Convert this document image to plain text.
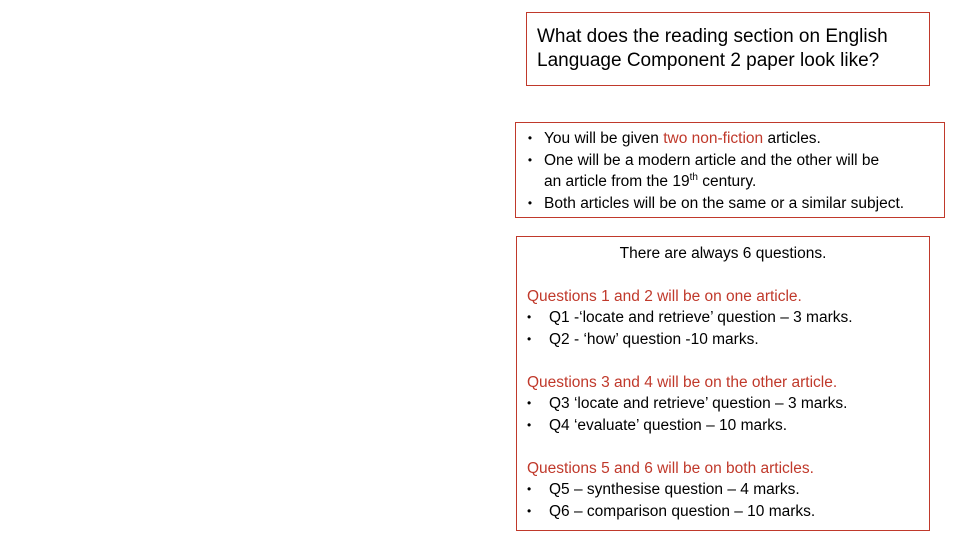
What does the reading section on English
Language Component 2 paper look like?
• You will be given two non-fiction articles.
• One will be a modern article and the other will be
an article from the 19th century.
• Both articles will be on the same or a similar subject.
There are always 6 questions.
Questions 1 and 2 will be on one article.
•	Q1 -‘locate and retrieve’ question – 3 marks.
•	Q2 - ‘how’ question -10 marks.
Questions 3 and 4 will be on the other article.
•	Q3 ‘locate and retrieve’ question – 3 marks.
•	Q4 ‘evaluate’ question – 10 marks.
Questions 5 and 6 will be on both articles.
•	Q5 – synthesise question – 4 marks.
•	Q6 – comparison question – 10 marks.
